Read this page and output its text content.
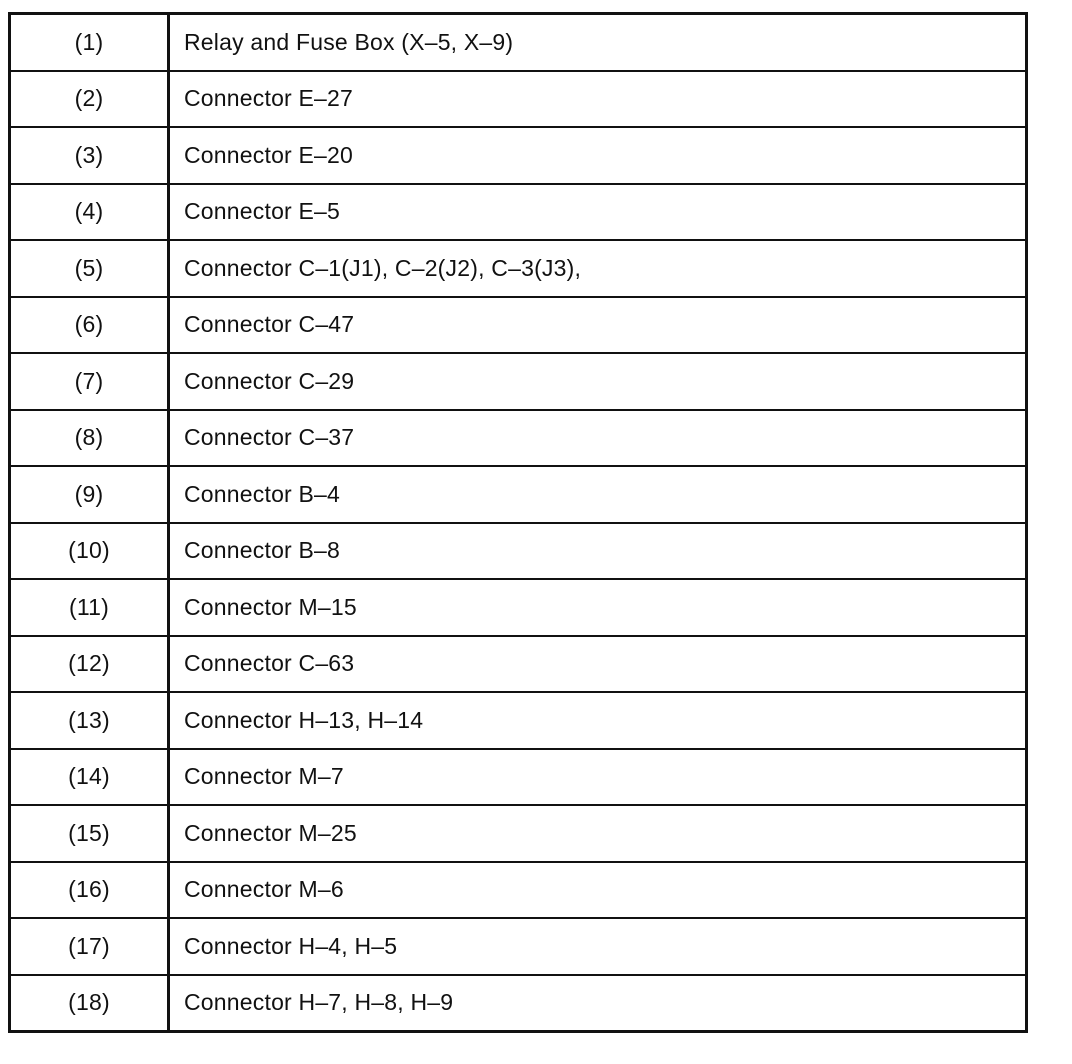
(1)	Relay and Fuse Box (X–5, X–9)
(2)	Connector E–27
(3)	Connector E–20
(4)	Connector E–5
(5)	Connector C–1(J1), C–2(J2), C–3(J3),
(6)	Connector C–47
(7)	Connector C–29
(8)	Connector C–37
(9)	Connector B–4
(10)	Connector B–8
(11)	Connector M–15
(12)	Connector C–63
(13)	Connector H–13, H–14
(14)	Connector M–7
(15)	Connector M–25
(16)	Connector M–6
(17)	Connector H–4, H–5
(18)	Connector H–7, H–8, H–9
